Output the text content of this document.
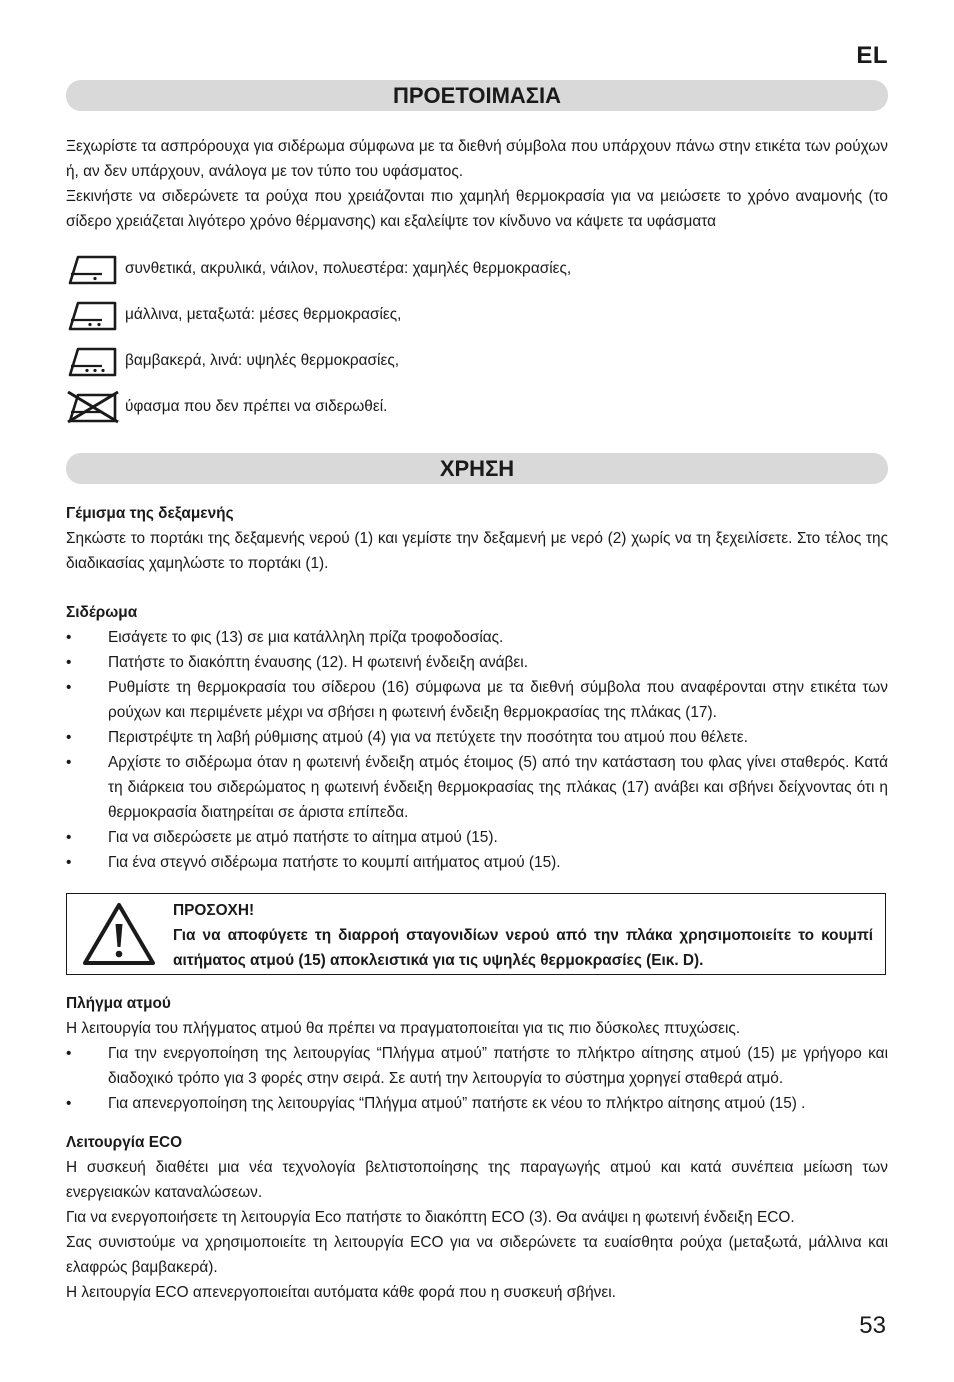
EL
ΠΡΟΕΤΟΙΜΑΣΙΑ

Ξεχωρίστε τα ασπρόρουχα για σιδέρωμα σύμφωνα με τα διεθνή σύμβολα που υπάρχουν πάνω στην ετικέτα των ρούχων ή, αν δεν υπάρχουν, ανάλογα με τον τύπο του υφάσματος.

Ξεκινήστε να σιδερώνετε τα ρούχα που χρειάζονται πιο χαμηλή θερμοκρασία για να μειώσετε το χρόνο αναμονής (το σίδερο χρειάζεται λιγότερο χρόνο θέρμανσης) και εξαλείψτε τον κίνδυνο να κάψετε τα υφάσματα

συνθετικά, ακρυλικά, νάιλον, πολυεστέρα: χαμηλές θερμοκρασίες,
μάλλινα, μεταξωτά: μέσες θερμοκρασίες,
βαμβακερά, λινά: υψηλές θερμοκρασίες,
ύφασμα που δεν πρέπει να σιδερωθεί.
ΧΡΗΣΗ

Γέμισμα της δεξαμενής

Σηκώστε το πορτάκι της δεξαμενής νερού (1) και γεμίστε την δεξαμενή με νερό (2) χωρίς να τη ξεχειλίσετε. Στο τέλος της διαδικασίας χαμηλώστε το πορτάκι (1).

Σιδέρωμα

• Εισάγετε το φις (13) σε μια κατάλληλη πρίζα τροφοδοσίας.
• Πατήστε το διακόπτη έναυσης (12). Η φωτεινή ένδειξη ανάβει.
• Ρυθμίστε τη θερμοκρασία του σίδερου (16) σύμφωνα με τα διεθνή σύμβολα που αναφέρονται στην ετικέτα των ρούχων και περιμένετε μέχρι να σβήσει η φωτεινή ένδειξη θερμοκρασίας της πλάκας (17).
• Περιστρέψτε τη λαβή ρύθμισης ατμού (4) για να πετύχετε την ποσότητα του ατμού που θέλετε.
• Αρχίστε το σιδέρωμα όταν η φωτεινή ένδειξη ατμός έτοιμος (5) από την κατάσταση του φλας γίνει σταθερός. Κατά τη διάρκεια του σιδερώματος η φωτεινή ένδειξη θερμοκρασίας της πλάκας (17) ανάβει και σβήνει δείχνοντας ότι η θερμοκρασία διατηρείται σε άριστα επίπεδα.
• Για να σιδερώσετε με ατμό πατήστε το αίτημα ατμού (15).
• Για ένα στεγνό σιδέρωμα πατήστε το κουμπί αιτήματος ατμού (15).
ΠΡΟΣΟΧΗ!
Για να αποφύγετε τη διαρροή σταγονιδίων νερού από την πλάκα χρησιμοποιείτε το κουμπί αιτήματος ατμού (15) αποκλειστικά για τις υψηλές θερμοκρασίες (Εικ. D).

Πλήγμα ατμού

Η λειτουργία του πλήγματος ατμού θα πρέπει να πραγματοποιείται για τις πιο δύσκολες πτυχώσεις.

• Για την ενεργοποίηση της λειτουργίας “Πλήγμα ατμού” πατήστε το πλήκτρο αίτησης ατμού (15) με γρήγορο και διαδοχικό τρόπο για 3 φορές στην σειρά. Σε αυτή την λειτουργία το σύστημα χορηγεί σταθερά ατμό.
• Για απενεργοποίηση της λειτουργίας “Πλήγμα ατμού” πατήστε εκ νέου το πλήκτρο αίτησης ατμού (15) .

Λειτουργία ECO

Η συσκευή διαθέτει μια νέα τεχνολογία βελτιστοποίησης της παραγωγής ατμού και κατά συνέπεια μείωση των ενεργειακών καταναλώσεων.

Για να ενεργοποιήσετε τη λειτουργία Eco πατήστε το διακόπτη ECO (3). Θα ανάψει η φωτεινή ένδειξη ECO.

Σας συνιστούμε να χρησιμοποιείτε τη λειτουργία ECO για να σιδερώνετε τα ευαίσθητα ρούχα (μεταξωτά, μάλλινα και ελαφρώς βαμβακερά).

Η λειτουργία ECO απενεργοποιείται αυτόματα κάθε φορά που η συσκευή σβήνει.

53
